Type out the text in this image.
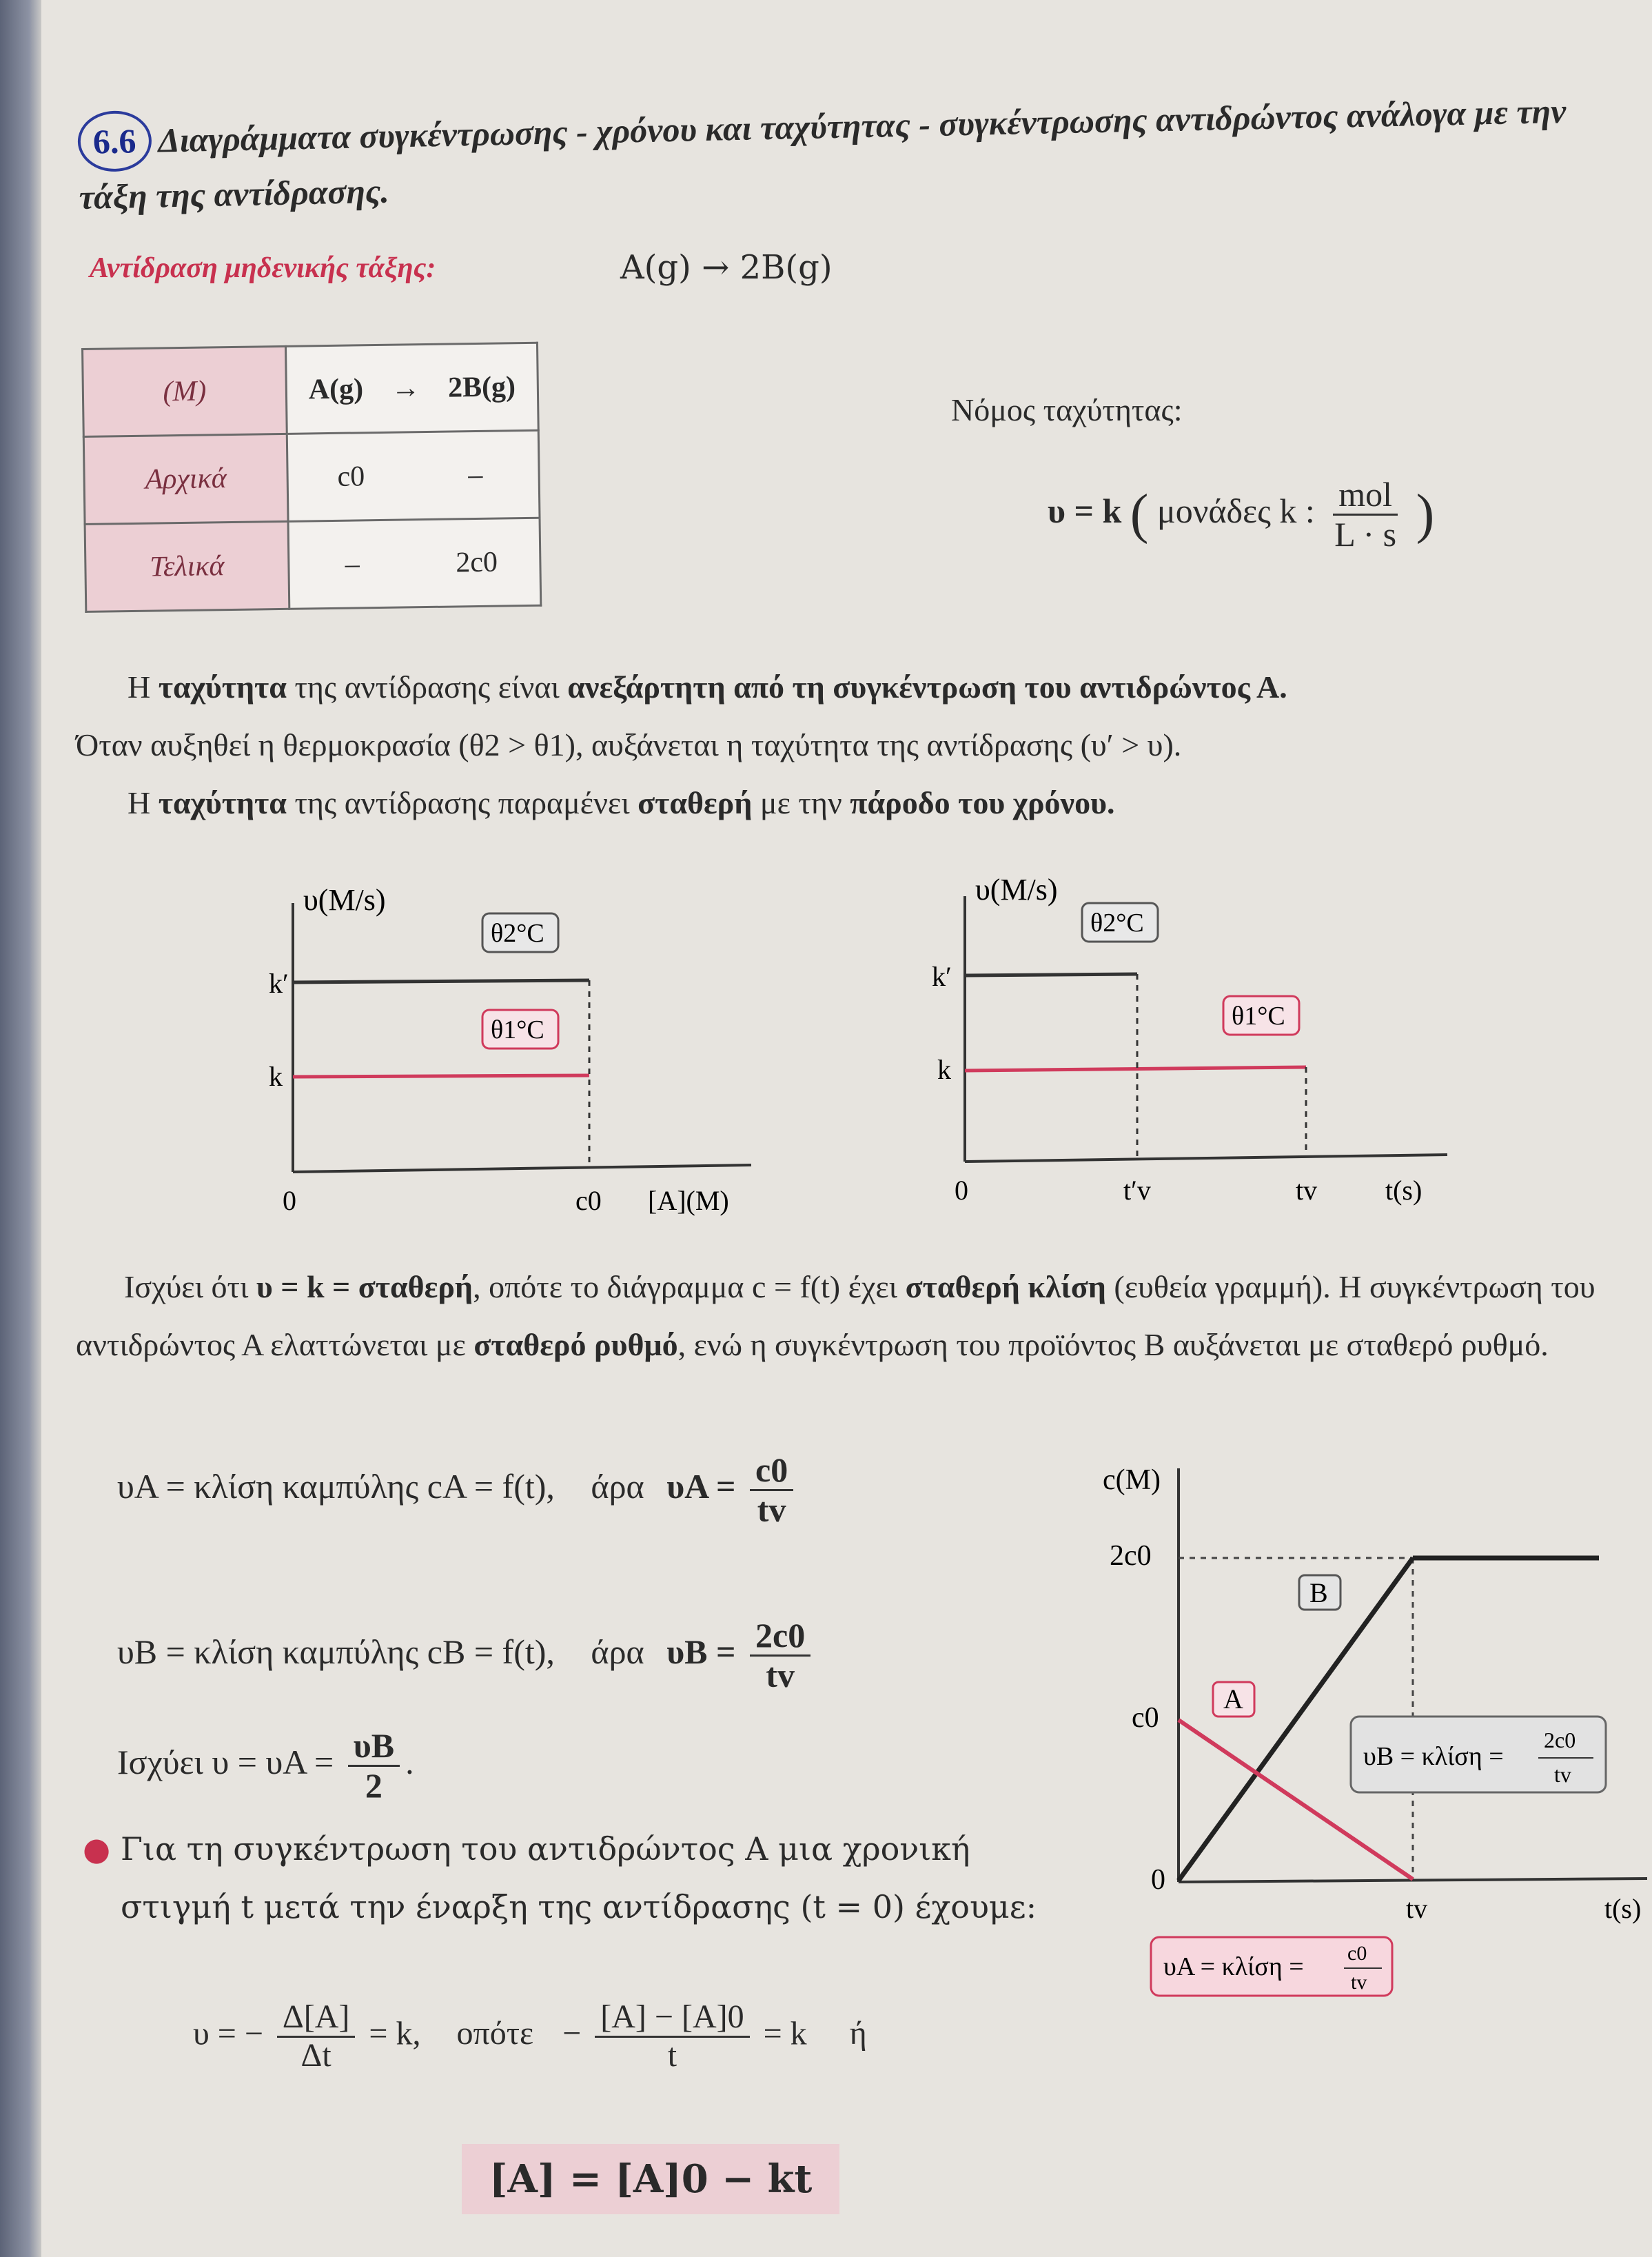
6.6 Διαγράμματα συγκέντρωσης - χρόνου και ταχύτητας - συγκέντρωσης αντιδρώντος ανάλογα με την τάξη της αντίδρασης.
Αντίδραση μηδενικής τάξης:	A(g) → 2B(g)
(M)	A(g) → 2B(g)
Αρχικά	c0 –
Τελικά	– 2c0
Νόμος ταχύτητας:
υ = k ( μονάδες k : $\frac{\text{mol}}{L \cdot s}$ )
Η ταχύτητα της αντίδρασης είναι ανεξάρτητη από τη συγκέντρωση του αντιδρώντος Α.
Όταν αυξηθεί η θερμοκρασία (θ2 > θ1), αυξάνεται η ταχύτητα της αντίδρασης (υ′ > υ).
Η ταχύτητα της αντίδρασης παραμένει σταθερή με την πάροδο του χρόνου.
υ(M/s)
k′
k
θ2°C
θ1°C
0	c0 [A](M)
υ(M/s)
k′
k
θ2°C
θ1°C
0	t′v	tv t(s)
Ισχύει ότι υ = k = σταθερή, οπότε το διάγραμμα c = f(t) έχει σταθερή κλίση (ευθεία γραμμή). Η συγκέντρωση του αντιδρώντος Α ελαττώνεται με σταθερό ρυθμό, ενώ η συγκέντρωση του προϊόντος Β αυξάνεται με σταθερό ρυθμό.
υA = κλίση καμπύλης cA = f(t), άρα $\upsilon A = \frac{c0}{tv}$
υB = κλίση καμπύλης cB = f(t), άρα $\upsilon B = \frac{2c0}{tv}$
Ισχύει $\upsilon = \upsilon A = \frac{\upsilon B}{2}$ .
● Για τη συγκέντρωση του αντιδρώντος Α μια χρονική στιγμή t μετά την έναρξη της αντίδρασης (t = 0) έχουμε:
υ = − $\frac{\Delta[A]}{\Delta t} = k$, $o\pi ό\tau\varepsilon - \frac{[A] - [A]0}{t} = k$ ή
[A] = [A]0 − kt
c(M)
2c0
c0
0
B
A
tv	t(s)
υB = κλίση =
2c0
tv
υA = κλίση = c0
tv
